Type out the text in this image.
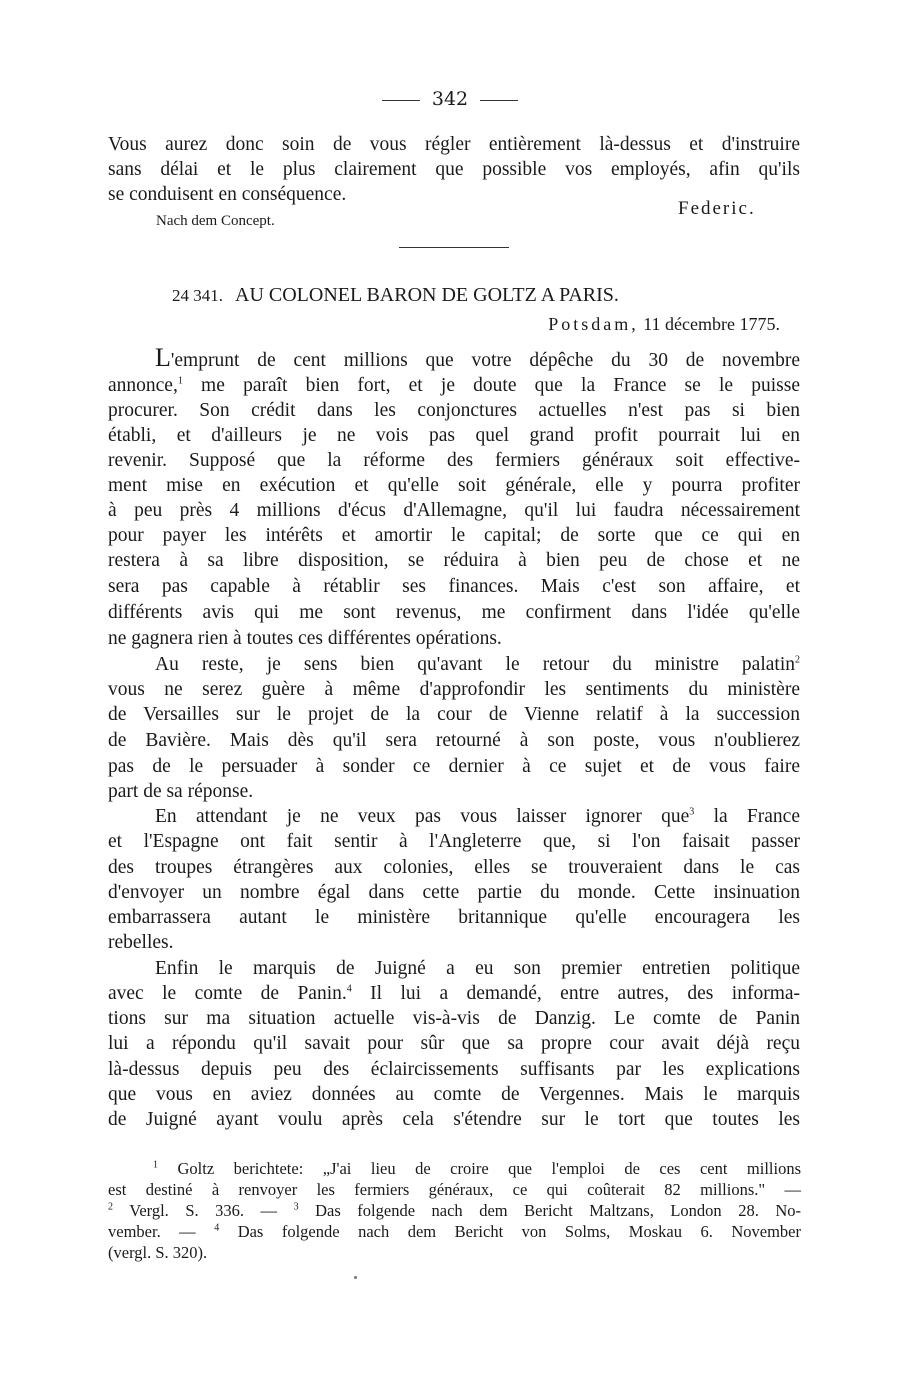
342
Vous aurez donc soin de vous régler entièrement là-dessus et d'instruire
sans délai et le plus clairement que possible vos employés, afin qu'ils
se conduisent en conséquence.
Nach dem Concept.
Federic.
24 341. AU COLONEL BARON DE GOLTZ A PARIS.
Potsdam, 11 décembre 1775.
L'emprunt de cent millions que votre dépêche du 30 de novembre
annonce,$^1$ me paraît bien fort, et je doute que la France se le puisse
procurer. Son crédit dans les conjonctures actuelles n'est pas si bien
établi, et d'ailleurs je ne vois pas quel grand profit pourrait lui en
revenir. Supposé que la réforme des fermiers généraux soit effective-
ment mise en exécution et qu'elle soit générale, elle y pourra profiter
à peu près 4 millions d'écus d'Allemagne, qu'il lui faudra nécessairement
pour payer les intérêts et amortir le capital; de sorte que ce qui en
restera à sa libre disposition, se réduira à bien peu de chose et ne
sera pas capable à rétablir ses finances. Mais c'est son affaire, et
différents avis qui me sont revenus, me confirment dans l'idée qu'elle
ne gagnera rien à toutes ces différentes opérations.
Au reste, je sens bien qu'avant le retour du ministre palatin$^2$
vous ne serez guère à même d'approfondir les sentiments du ministère
de Versailles sur le projet de la cour de Vienne relatif à la succession
de Bavière. Mais dès qu'il sera retourné à son poste, vous n'oublierez
pas de le persuader à sonder ce dernier à ce sujet et de vous faire
part de sa réponse.
En attendant je ne veux pas vous laisser ignorer que$^3$ la France
et l'Espagne ont fait sentir à l'Angleterre que, si l'on faisait passer
des troupes étrangères aux colonies, elles se trouveraient dans le cas
d'envoyer un nombre égal dans cette partie du monde. Cette insinuation
embarrassera autant le ministère britannique qu'elle encouragera les
rebelles.
Enfin le marquis de Juigné a eu son premier entretien politique
avec le comte de Panin.$^4$ Il lui a demandé, entre autres, des informa-
tions sur ma situation actuelle vis-à-vis de Danzig. Le comte de Panin
lui a répondu qu'il savait pour sûr que sa propre cour avait déjà reçu
là-dessus depuis peu des éclaircissements suffisants par les explications
que vous en aviez données au comte de Vergennes. Mais le marquis
de Juigné ayant voulu après cela s'étendre sur le tort que toutes les
$^1$ Goltz berichtete: „J'ai lieu de croire que l'emploi de ces cent millions
est destiné à renvoyer les fermiers généraux, ce qui coûterait 82 millions." —
$^2$ Vergl. S. 336. — $^3$ Das folgende nach dem Bericht Maltzans, London 28. No-
vember. — $^4$ Das folgende nach dem Bericht von Solms, Moskau 6. November
(vergl. S. 320).
